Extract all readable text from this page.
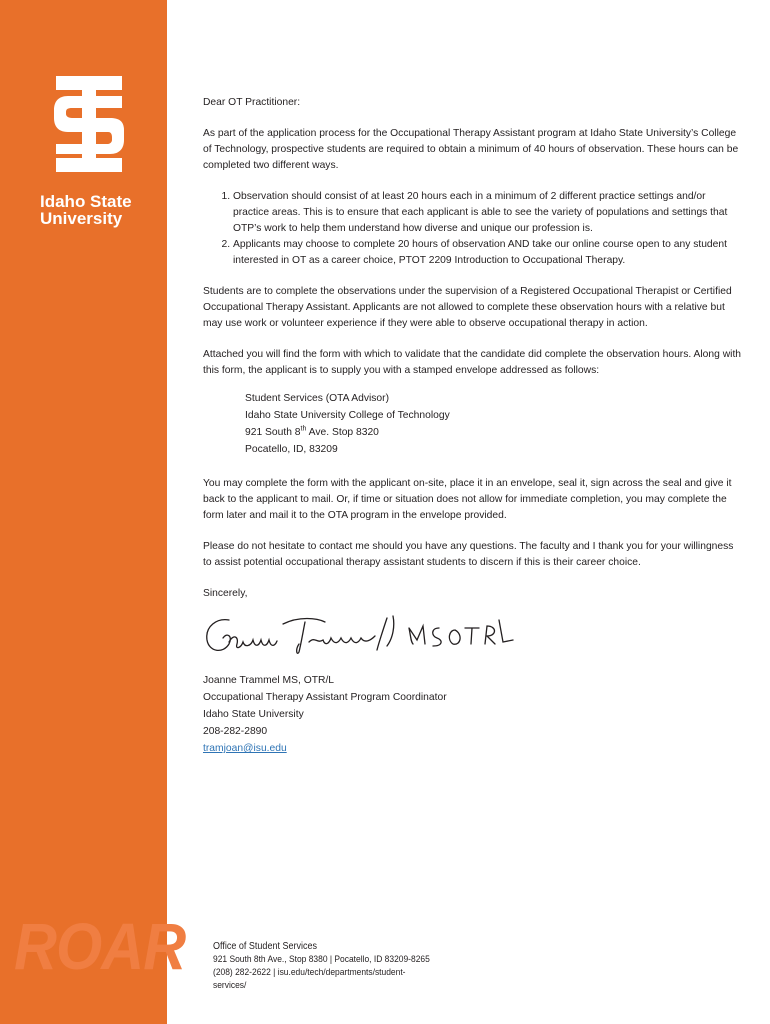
Idaho State
University
ROAR

Dear OT Practitioner:

As part of the application process for the Occupational Therapy Assistant program at Idaho State University’s College of Technology, prospective students are required to obtain a minimum of 40 hours of observation. These hours can be completed two different ways.

1. Observation should consist of at least 20 hours each in a minimum of 2 different practice settings and/or practice areas. This is to ensure that each applicant is able to see the variety of populations and settings that OTP’s work to help them understand how diverse and unique our profession is.
2. Applicants may choose to complete 20 hours of observation AND take our online course open to any student interested in OT as a career choice, PTOT 2209 Introduction to Occupational Therapy.

Students are to complete the observations under the supervision of a Registered Occupational Therapist or Certified Occupational Therapy Assistant. Applicants are not allowed to complete these observation hours with a relative but may use work or volunteer experience if they were able to observe occupational therapy in action.

Attached you will find the form with which to validate that the candidate did complete the observation hours. Along with this form, the applicant is to supply you with a stamped envelope addressed as follows:

Student Services (OTA Advisor)
Idaho State University College of Technology
921 South 8th Ave. Stop 8320
Pocatello, ID, 83209

You may complete the form with the applicant on-site, place it in an envelope, seal it, sign across the seal and give it back to the applicant to mail. Or, if time or situation does not allow for immediate completion, you may complete the form later and mail it to the OTA program in the envelope provided.

Please do not hesitate to contact me should you have any questions. The faculty and I thank you for your willingness to assist potential occupational therapy assistant students to discern if this is their career choice.

Sincerely,

Joanne Trammel MS, OTR/L
Occupational Therapy Assistant Program Coordinator
Idaho State University
208-282-2890
tramjoan@isu.edu
Office of Student Services
921 South 8th Ave., Stop 8380 | Pocatello, ID 83209-8265
(208) 282-2622 | isu.edu/tech/departments/student-
services/
